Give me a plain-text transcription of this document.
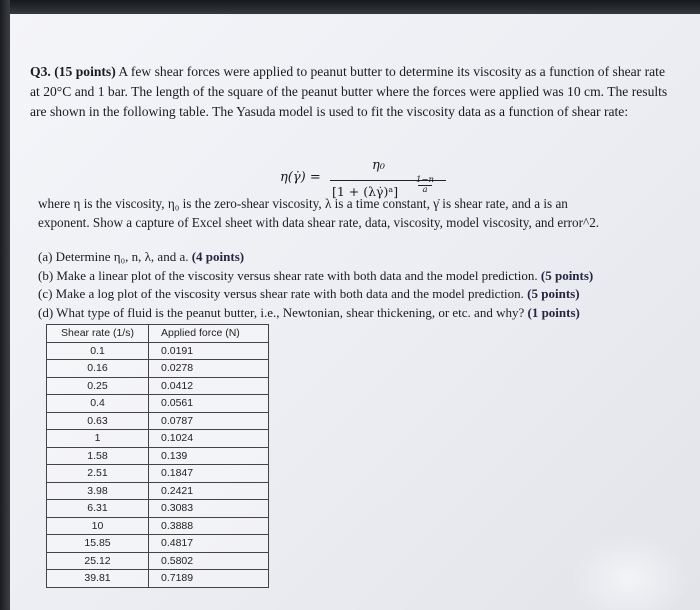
Q3. (15 points) A few shear forces were applied to peanut butter to determine its viscosity as a function of shear rate at 20°C and 1 bar. The length of the square of the peanut butter where the forces were applied was 10 cm. The results are shown in the following table. The Yasuda model is used to fit the viscosity data as a function of shear rate:
η(γ̇) =
η₀
[1 + (λγ̇)ᵃ]
1−n
a
where η is the viscosity, η₀ is the zero-shear viscosity, λ is a time constant, γ̇ is shear rate, and a is an
exponent. Show a capture of Excel sheet with data shear rate, data, viscosity, model viscosity, and error^2.
(a) Determine η₀, n, λ, and a. (4 points)
(b) Make a linear plot of the viscosity versus shear rate with both data and the model prediction. (5 points)
(c) Make a log plot of the viscosity versus shear rate with both data and the model prediction. (5 points)
(d) What type of fluid is the peanut butter, i.e., Newtonian, shear thickening, or etc. and why? (1 points)
Shear rate (1/s)	Applied force (N)
0.1	0.0191
0.16	0.0278
0.25	0.0412
0.4	0.0561
0.63	0.0787
1	0.1024
1.58	0.139
2.51	0.1847
3.98	0.2421
6.31	0.3083
10	0.3888
15.85	0.4817
25.12	0.5802
39.81	0.7189
